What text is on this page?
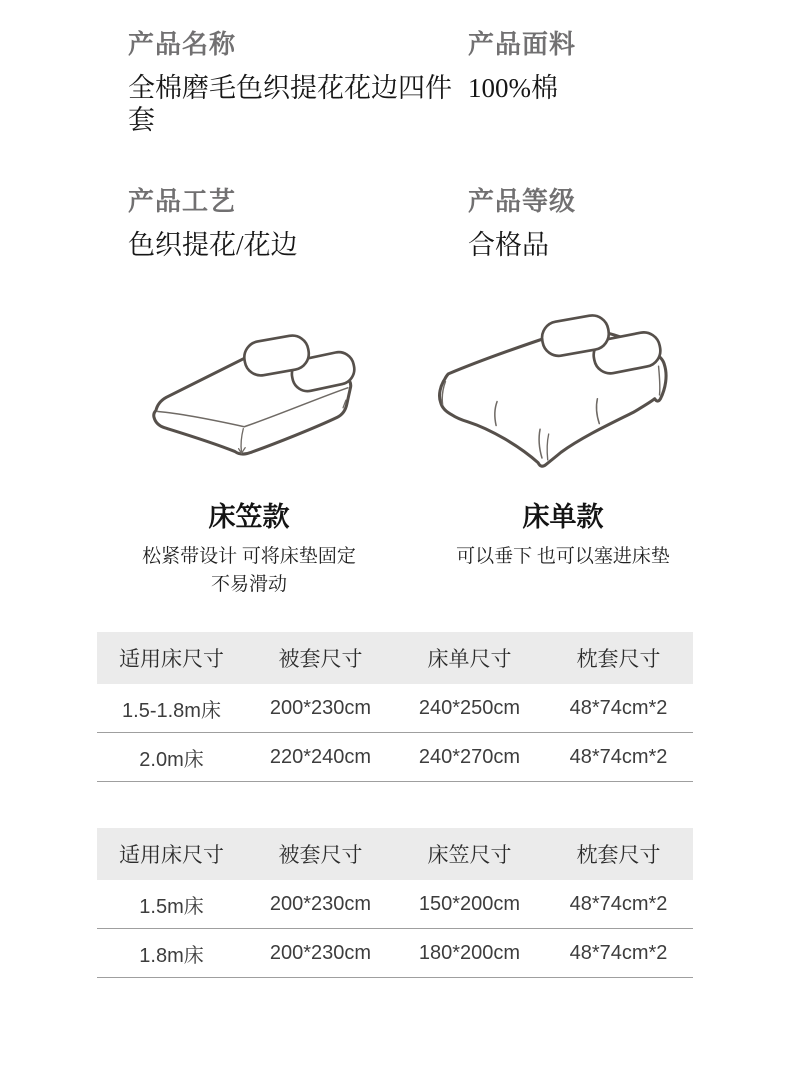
产品名称
全棉磨毛色织提花花边四件套
产品面料
100%棉
产品工艺
色织提花/花边
产品等级
合格品
床笠款
松紧带设计 可将床垫固定
不易滑动
床单款
可以垂下 也可以塞进床垫
适用床尺寸	被套尺寸	床单尺寸	枕套尺寸
1.5-1.8m床	200*230cm	240*250cm	48*74cm*2
2.0m床	220*240cm	240*270cm	48*74cm*2
适用床尺寸	被套尺寸	床笠尺寸	枕套尺寸
1.5m床	200*230cm	150*200cm	48*74cm*2
1.8m床	200*230cm	180*200cm	48*74cm*2
